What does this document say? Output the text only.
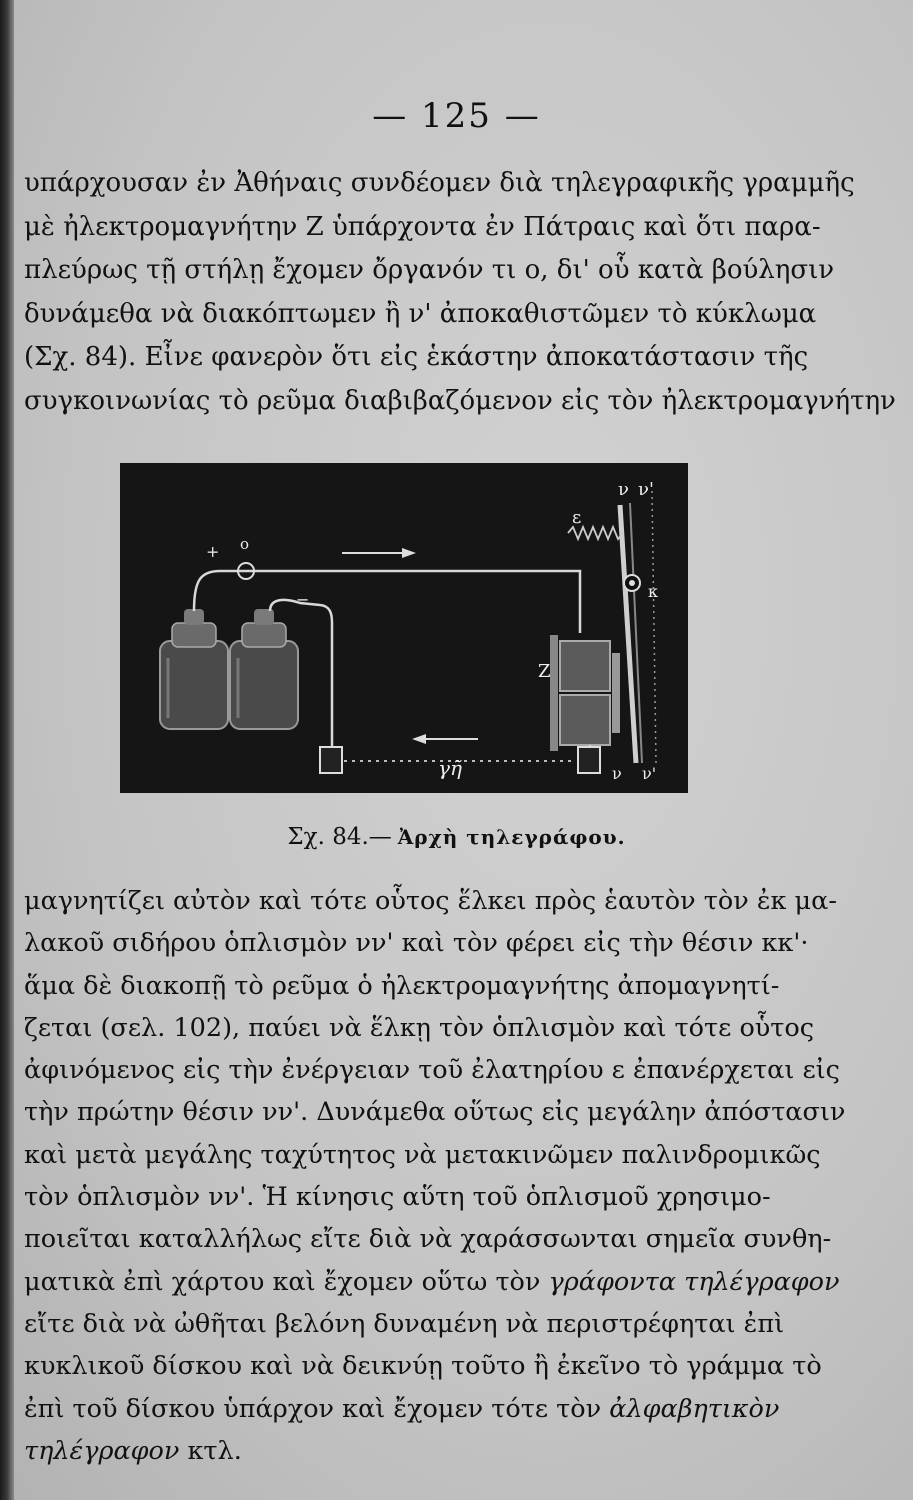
— 125 —
υπάρχουσαν ἐν Ἀθήναις συνδέομεν διὰ τηλεγραφικῆς γραμμῆς
μὲ ἠλεκτρομαγνήτην Ζ ὑπάρχοντα ἐν Πάτραις καὶ ὅτι παρα-
πλεύρως τῇ στήλῃ ἔχομεν ὄργανόν τι ο, δι' οὗ κατὰ βούλησιν
δυνάμεθα νὰ διακόπτωμεν ἢ ν' ἀποκαθιστῶμεν τὸ κύκλωμα
(Σχ. 84). Εἶνε φανερὸν ὅτι εἰς ἑκάστην ἀποκατάστασιν τῆς
συγκοινωνίας τὸ ρεῦμα διαβιβαζόμενον εἰς τὸν ἠλεκτρομαγνήτην
+ o
−
ε
ν ν'
κ
Z
ν ν'
γῆ
Σχ. 84.— Ἀρχὴ τηλεγράφου.
μαγνητίζει αὐτὸν καὶ τότε οὗτος ἕλκει πρὸς ἑαυτὸν τὸν ἐκ μα-
λακοῦ σιδήρου ὁπλισμὸν νν' καὶ τὸν φέρει εἰς τὴν θέσιν κκ'·
ἅμα δὲ διακοπῇ τὸ ρεῦμα ὁ ἠλεκτρομαγνήτης ἀπομαγνητί-
ζεται (σελ. 102), παύει νὰ ἕλκῃ τὸν ὁπλισμὸν καὶ τότε οὗτος
ἀφινόμενος εἰς τὴν ἐνέργειαν τοῦ ἐλατηρίου ε ἐπανέρχεται εἰς
τὴν πρώτην θέσιν νν'. Δυνάμεθα οὕτως εἰς μεγάλην ἀπόστασιν
καὶ μετὰ μεγάλης ταχύτητος νὰ μετακινῶμεν παλινδρομικῶς
τὸν ὁπλισμὸν νν'. Ἡ κίνησις αὕτη τοῦ ὁπλισμοῦ χρησιμο-
ποιεῖται καταλλήλως εἴτε διὰ νὰ χαράσσωνται σημεῖα συνθη-
ματικὰ ἐπὶ χάρτου καὶ ἔχομεν οὕτω τὸν γράφοντα τηλέγραφον
εἴτε διὰ νὰ ὠθῆται βελόνη δυναμένη νὰ περιστρέφηται ἐπὶ
κυκλικοῦ δίσκου καὶ νὰ δεικνύῃ τοῦτο ἢ ἐκεῖνο τὸ γράμμα τὸ
ἐπὶ τοῦ δίσκου ὑπάρχον καὶ ἔχομεν τότε τὸν ἀλφαβητικὸν
τηλέγραφον κτλ.
